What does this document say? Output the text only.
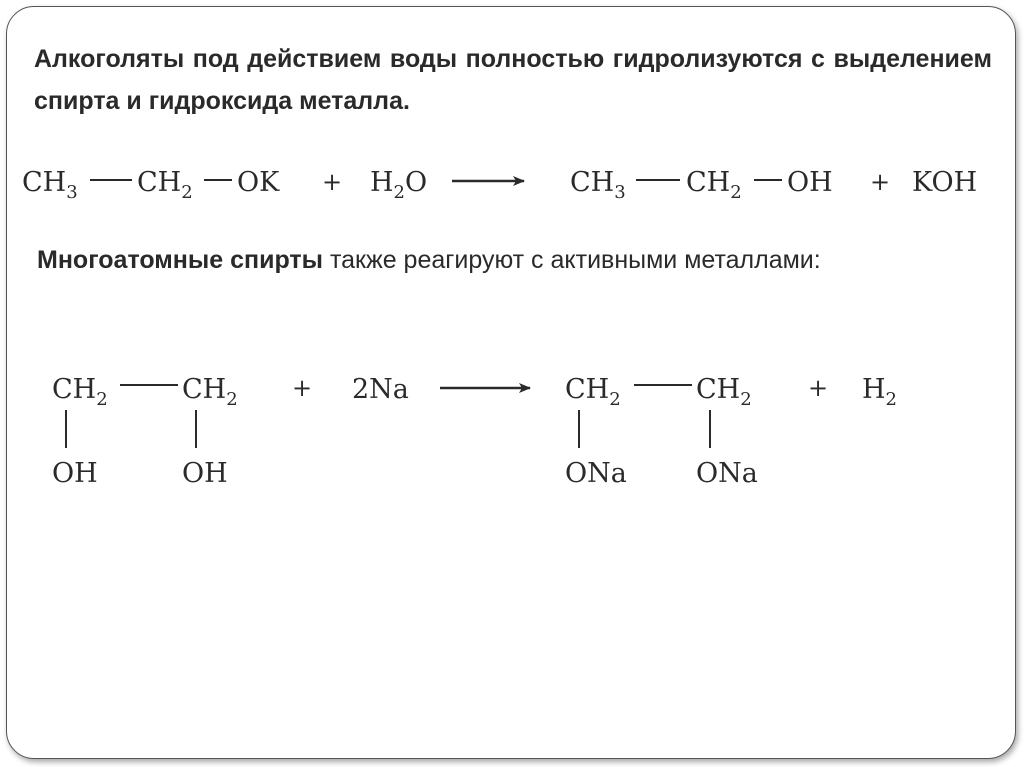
Алкоголяты под действием воды полностью гидролизуются с выделением спирта и гидроксида металла.
Многоатомные спирты также реагируют с активными металлами:
$CH_3$ $CH_2$ OK + $H_2O$	$CH_3$ $CH_2$ OH + KOH
$CH_2$	$CH_2$
OH	OH
+ 2Na	$CH_2$	$CH_2$
ONa	ONa
+ $H_2$
